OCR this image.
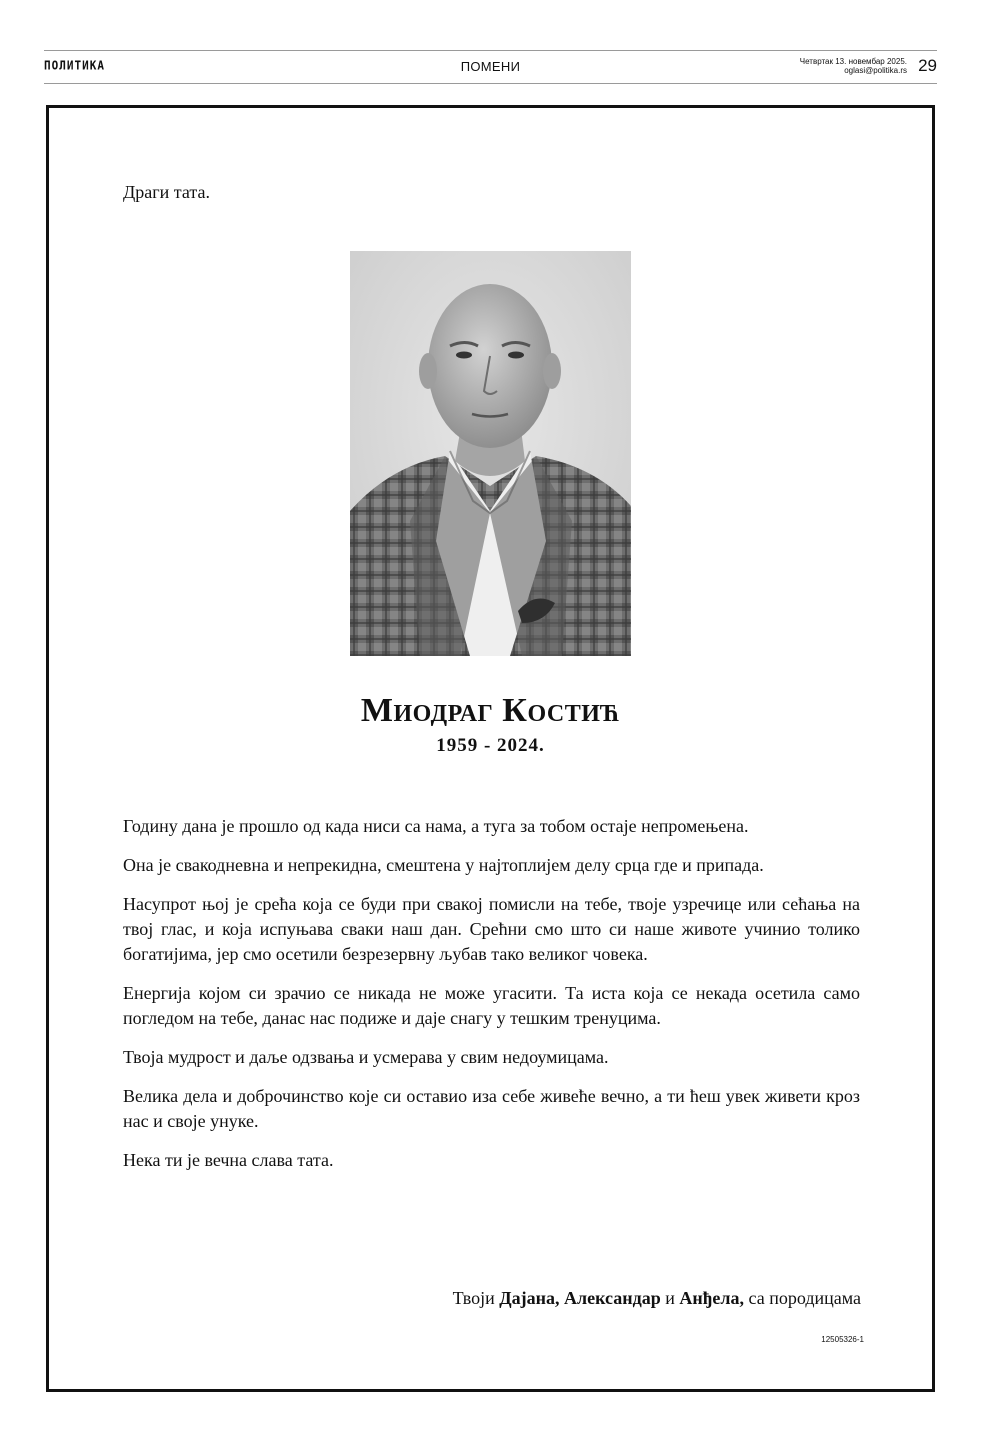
ПОЛИТИКА	ПОМЕНИ	Четвртак 13. новембар 2025.
oglasi@politika.rs 29
Драги тата.
Миодраг Костић
1959 - 2024.

Годину дана је прошло од када ниси са нама, а туга за тобом остаје непромењена.

Она је свакодневна и непрекидна, смештена у најтоплијем делу срца где и припада.

Насупрот њој је срећа која се буди при свакој помисли на тебе, твоје узречице или сећања на твој глас, и која испуњава сваки наш дан. Срећни смо што си наше животе учинио толико богатијима, јер смо осетили безрезервну љубав тако великог човека.

Енергија којом си зрачио се никада не може угасити. Та иста која се некада осетила само погледом на тебе, данас нас подиже и даје снагу у тешким тренуцима.

Твоја мудрост и даље одзвања и усмерава у свим недоумицама.

Велика дела и доброчинство које си оставио иза себе живеће вечно, а ти ћеш увек живети кроз нас и своје унуке.

Нека ти је вечна слава тата.

Твоји Дајана, Александар и Анђела, са породицама
12505326-1
